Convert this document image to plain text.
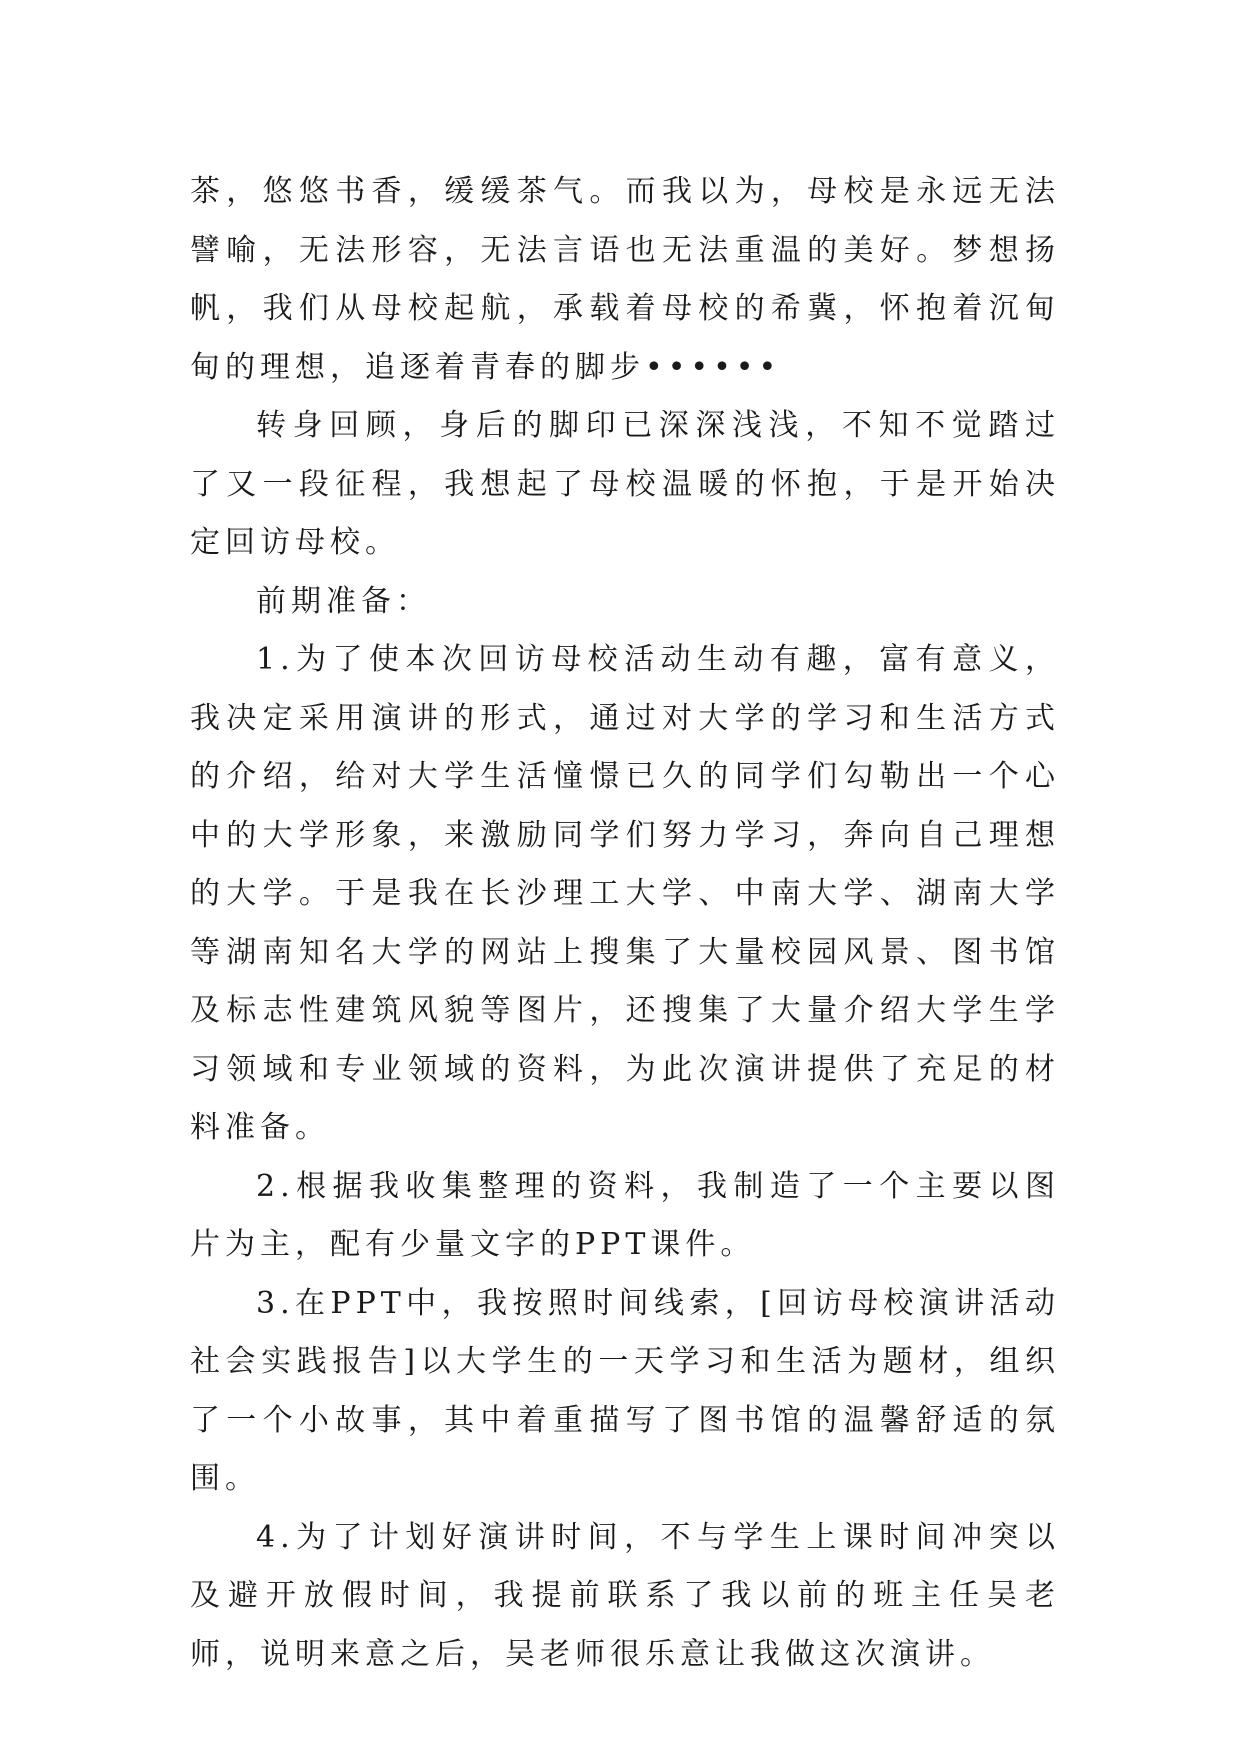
茶，悠悠书香，缓缓茶气。而我以为，母校是永远无法譬喻，无法形容，无法言语也无法重温的美好。梦想扬帆，我们从母校起航，承载着母校的希冀，怀抱着沉甸甸的理想，追逐着青春的脚步••••••

转身回顾，身后的脚印已深深浅浅，不知不觉踏过了又一段征程，我想起了母校温暖的怀抱，于是开始决定回访母校。

前期准备：

1.为了使本次回访母校活动生动有趣，富有意义，我决定采用演讲的形式，通过对大学的学习和生活方式的介绍，给对大学生活憧憬已久的同学们勾勒出一个心中的大学形象，来激励同学们努力学习，奔向自己理想的大学。于是我在长沙理工大学、中南大学、湖南大学等湖南知名大学的网站上搜集了大量校园风景、图书馆及标志性建筑风貌等图片，还搜集了大量介绍大学生学习领域和专业领域的资料，为此次演讲提供了充足的材料准备。

2.根据我收集整理的资料，我制造了一个主要以图片为主，配有少量文字的PPT课件。

3.在PPT中，我按照时间线索，[回访母校演讲活动社会实践报告]以大学生的一天学习和生活为题材，组织了一个小故事，其中着重描写了图书馆的温馨舒适的氛围。

4.为了计划好演讲时间，不与学生上课时间冲突以及避开放假时间，我提前联系了我以前的班主任吴老师，说明来意之后，吴老师很乐意让我做这次演讲。
